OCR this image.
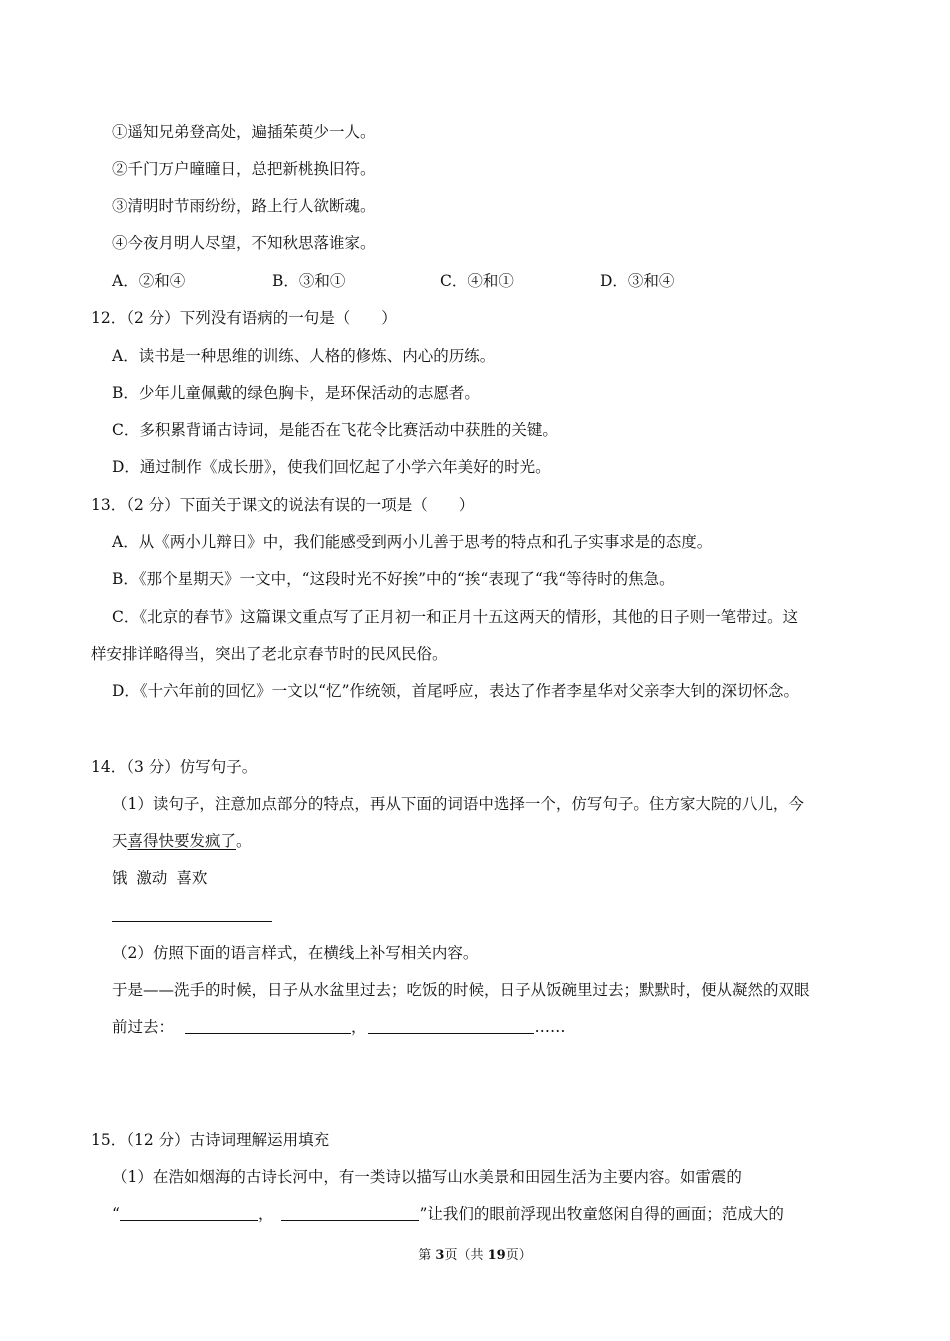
①遥知兄弟登高处，遍插茱萸少一人。
②千门万户曈曈日，总把新桃换旧符。
③清明时节雨纷纷，路上行人欲断魂。
④今夜月明人尽望，不知秋思落谁家。
A．②和④	B．③和①	C．④和①	D．③和④
12．（2 分）下列没有语病的一句是（　　）
A．读书是一种思维的训练、人格的修炼、内心的历练。
B．少年儿童佩戴的绿色胸卡，是环保活动的志愿者。
C．多积累背诵古诗词，是能否在飞花令比赛活动中获胜的关键。
D．通过制作《成长册》，使我们回忆起了小学六年美好的时光。
13．（2 分）下面关于课文的说法有误的一项是（　　）
A．从《两小儿辩日》中，我们能感受到两小儿善于思考的特点和孔子实事求是的态度。
B．《那个星期天》一文中，“这段时光不好挨”中的“挨“表现了“我“等待时的焦急。
C．《北京的春节》这篇课文重点写了正月初一和正月十五这两天的情形，其他的日子则一笔带过。这
样安排详略得当，突出了老北京春节时的民风民俗。
D．《十六年前的回忆》一文以“忆”作统领，首尾呼应，表达了作者李星华对父亲李大钊的深切怀念。
14．（3 分）仿写句子。
（1）读句子，注意加点部分的特点，再从下面的词语中选择一个，仿写句子。住方家大院的八儿，今
天喜得快要发疯了。
饿 激动 喜欢
（2）仿照下面的语言样式，在横线上补写相关内容。
于是——洗手的时候，日子从水盆里过去；吃饭的时候，日子从饭碗里过去；默默时，便从凝然的双眼
前过去：	，	……
15．（12 分）古诗词理解运用填充
（1）在浩如烟海的古诗长河中，有一类诗以描写山水美景和田园生活为主要内容。如雷震的
“	，	”让我们的眼前浮现出牧童悠闲自得的画面；范成大的
第 3页（共 19页）
